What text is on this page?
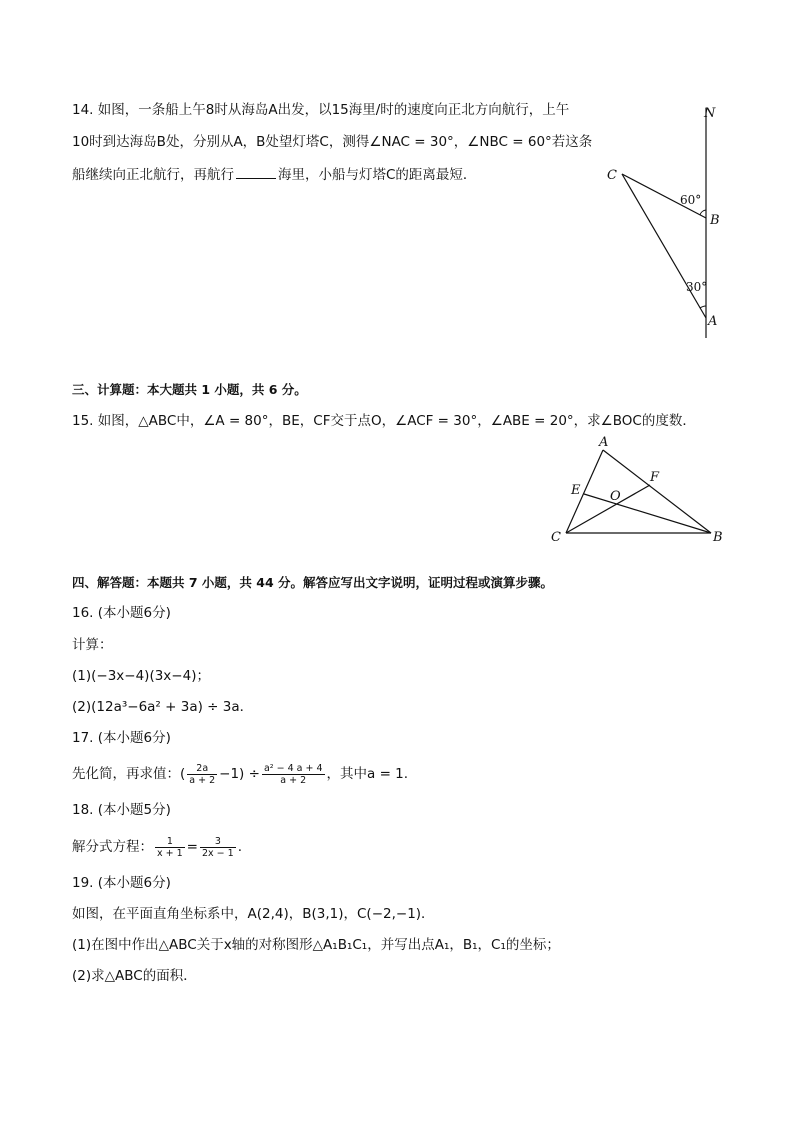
14. 如图，一条船上午8时从海岛A出发，以15海里/时的速度向正北方向航行，上午
10时到达海岛B处，分别从A，B处望灯塔C，测得∠NAC = 30°，∠NBC = 60°若这条
船继续向正北航行，再航行	海里，小船与灯塔C的距离最短．
N
C
B
A
60°
30°
三、计算题：本大题共 1 小题，共 6 分。
15. 如图，△ABC中，∠A = 80°，BE，CF交于点O，∠ACF = 30°，∠ABE = 20°，求∠BOC的度数．
A
E
F
O
C	B
四、解答题：本题共 7 小题，共 44 分。解答应写出文字说明，证明过程或演算步骤。
16. (本小题6分)
计算：
(1)(−3x−4)(3x−4)；
(2)(12a³−6a² + 3a) ÷ 3a．
17. (本小题6分)
先化简，再求值：( $\frac{2a}{a + 2} -1) \div \frac{\text{a² − 4 a + 4}}{a + 2}$ ，其中a = 1.
18. (本小题5分)
解分式方程： $\frac{1}{x + 1} = \frac{3}{2x - 1}$ .
19. (本小题6分)
如图，在平面直角坐标系中，A(2,4)，B(3,1)，C(−2,−1)．
(1)在图中作出△ABC关于x轴的对称图形△A₁B₁C₁，并写出点A₁，B₁，C₁的坐标；
(2)求△ABC的面积．
